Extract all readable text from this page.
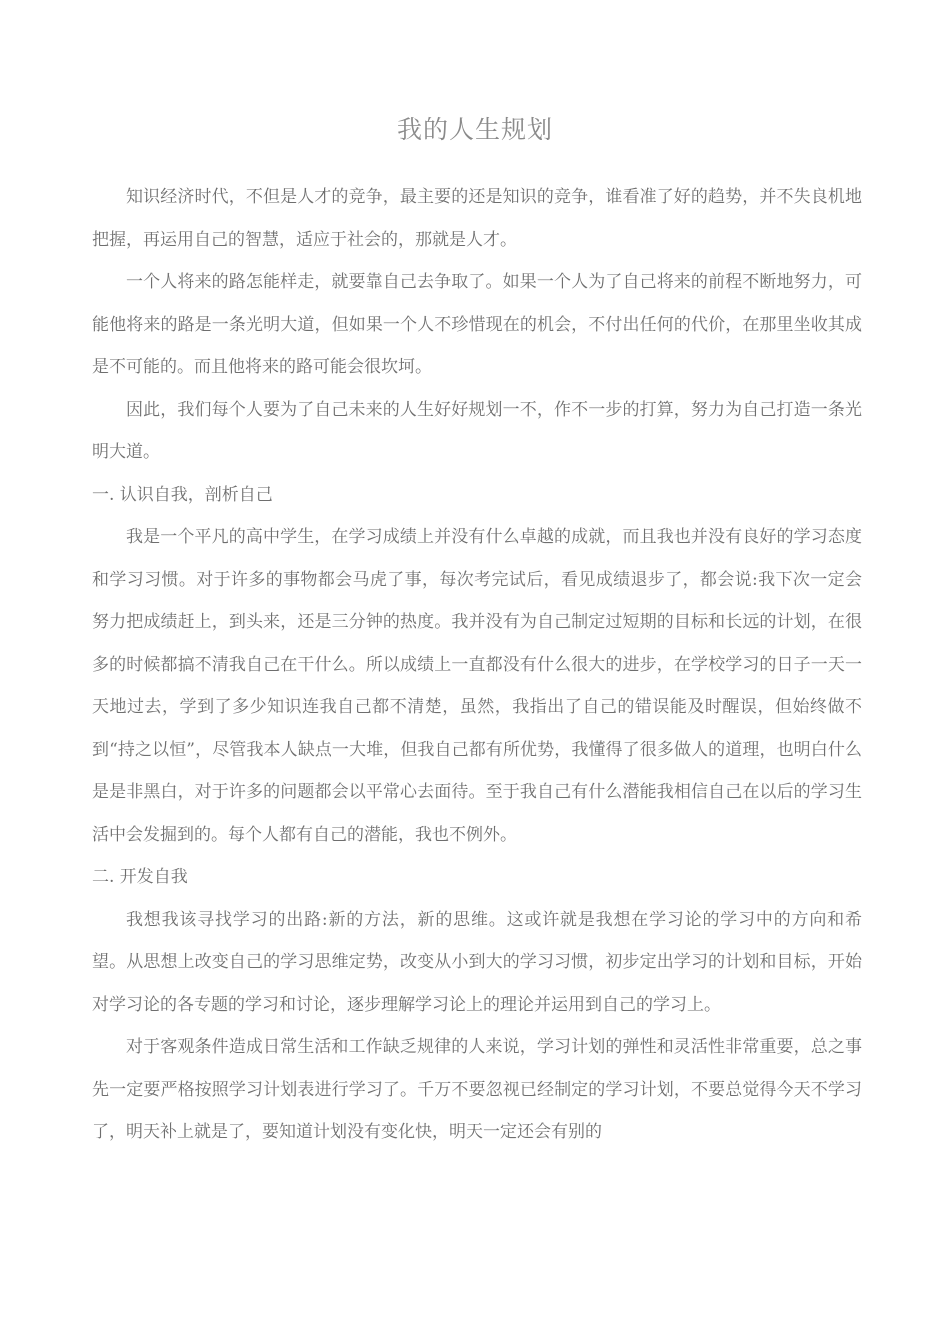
我的人生规划

知识经济时代，不但是人才的竞争，最主要的还是知识的竞争，谁看准了好的趋势，并不失良机地把握，再运用自己的智慧，适应于社会的，那就是人才。

一个人将来的路怎能样走，就要靠自己去争取了。如果一个人为了自己将来的前程不断地努力，可能他将来的路是一条光明大道，但如果一个人不珍惜现在的机会，不付出任何的代价，在那里坐收其成是不可能的。而且他将来的路可能会很坎坷。

因此，我们每个人要为了自己未来的人生好好规划一不，作不一步的打算，努力为自己打造一条光明大道。

一. 认识自我，剖析自己

我是一个平凡的高中学生，在学习成绩上并没有什么卓越的成就，而且我也并没有良好的学习态度和学习习惯。对于许多的事物都会马虎了事，每次考完试后，看见成绩退步了，都会说:我下次一定会努力把成绩赶上，到头来，还是三分钟的热度。我并没有为自己制定过短期的目标和长远的计划，在很多的时候都搞不清我自己在干什么。所以成绩上一直都没有什么很大的进步，在学校学习的日子一天一天地过去，学到了多少知识连我自己都不清楚，虽然，我指出了自己的错误能及时醒误，但始终做不到“持之以恒”，尽管我本人缺点一大堆，但我自己都有所优势，我懂得了很多做人的道理，也明白什么是是非黑白，对于许多的问题都会以平常心去面待。至于我自己有什么潜能我相信自己在以后的学习生活中会发掘到的。每个人都有自己的潜能，我也不例外。

二. 开发自我

我想我该寻找学习的出路:新的方法，新的思维。这或许就是我想在学习论的学习中的方向和希望。从思想上改变自己的学习思维定势，改变从小到大的学习习惯，初步定出学习的计划和目标，开始对学习论的各专题的学习和讨论，逐步理解学习论上的理论并运用到自己的学习上。

对于客观条件造成日常生活和工作缺乏规律的人来说，学习计划的弹性和灵活性非常重要，总之事先一定要严格按照学习计划表进行学习了。千万不要忽视已经制定的学习计划，不要总觉得今天不学习了，明天补上就是了，要知道计划没有变化快，明天一定还会有别的
